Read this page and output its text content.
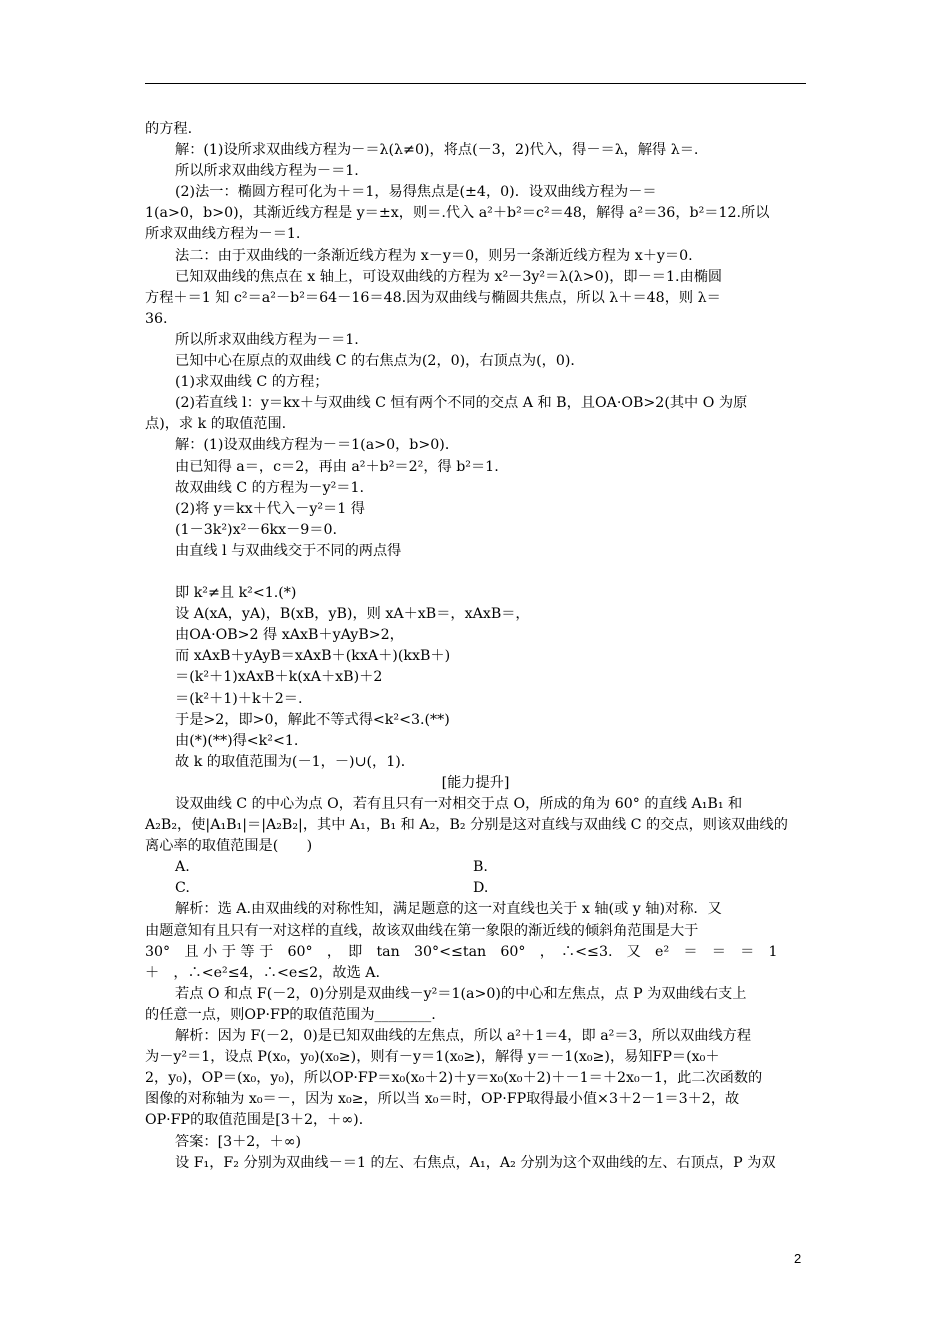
的方程.
解：(1)设所求双曲线方程为－＝λ(λ≠0)，将点(－3，2)代入，得－＝λ，解得 λ＝.
所以所求双曲线方程为－＝1.
(2)法一：椭圆方程可化为＋＝1，易得焦点是(±4，0)．设双曲线方程为－＝
1(a>0，b>0)，其渐近线方程是 y＝±x，则＝.代入 a²＋b²＝c²＝48，解得 a²＝36，b²＝12.所以
所求双曲线方程为－＝1.
法二：由于双曲线的一条渐近线方程为 x－y＝0，则另一条渐近线方程为 x＋y＝0.
已知双曲线的焦点在 x 轴上，可设双曲线的方程为 x²－3y²＝λ(λ>0)，即－＝1.由椭圆
方程＋＝1 知 c²＝a²－b²＝64－16＝48.因为双曲线与椭圆共焦点，所以 λ＋＝48，则 λ＝
36.
所以所求双曲线方程为－＝1.
已知中心在原点的双曲线 C 的右焦点为(2，0)，右顶点为(，0)．
(1)求双曲线 C 的方程；
(2)若直线 l：y＝kx＋与双曲线 C 恒有两个不同的交点 A 和 B，且OA·OB>2(其中 O 为原
点)，求 k 的取值范围.
解：(1)设双曲线方程为－＝1(a>0，b>0)．
由已知得 a＝，c＝2，再由 a²＋b²＝2²，得 b²＝1.
故双曲线 C 的方程为－y²＝1.
(2)将 y＝kx＋代入－y²＝1 得
(1－3k²)x²－6kx－9＝0.
由直线 l 与双曲线交于不同的两点得
即 k²≠且 k²<1.(*)
设 A(xA，yA)，B(xB，yB)，则 xA＋xB＝，xAxB＝，
由OA·OB>2 得 xAxB＋yAyB>2，
而 xAxB＋yAyB＝xAxB＋(kxA＋)(kxB＋)
＝(k²＋1)xAxB＋k(xA＋xB)＋2
＝(k²＋1)＋k＋2＝.
于是>2，即>0，解此不等式得<k²<3.(**)
由(*)(**)得<k²<1.
故 k 的取值范围为(－1，－)∪(，1)．
[能力提升]
设双曲线 C 的中心为点 O，若有且只有一对相交于点 O，所成的角为 60° 的直线 A₁B₁ 和
A₂B₂，使|A₁B₁|＝|A₂B₂|，其中 A₁，B₁ 和 A₂，B₂ 分别是这对直线与双曲线 C 的交点，则该双曲线的
离心率的取值范围是(　　)
A.	B.
C.	D.
解析：选 A.由双曲线的对称性知，满足题意的这一对直线也关于 x 轴(或 y 轴)对称．又
由题意知有且只有一对这样的直线，故该双曲线在第一象限的渐近线的倾斜角范围是大于
30°　且 小 于 等 于　60°　，　即　tan　30°<≤tan　60°　，　∴<≤3.　又　e²　＝　＝　＝　1
＋　，∴<e²≤4，∴<e≤2，故选 A.
若点 O 和点 F(－2，0)分别是双曲线－y²＝1(a>0)的中心和左焦点，点 P 为双曲线右支上
的任意一点，则OP·FP的取值范围为________.
解析：因为 F(－2，0)是已知双曲线的左焦点，所以 a²＋1＝4，即 a²＝3，所以双曲线方程
为－y²＝1，设点 P(x₀，y₀)(x₀≥)，则有－y＝1(x₀≥)，解得 y＝－1(x₀≥)，易知FP＝(x₀＋
2，y₀)，OP＝(x₀，y₀)，所以OP·FP＝x₀(x₀＋2)＋y＝x₀(x₀＋2)＋－1＝＋2x₀－1，此二次函数的
图像的对称轴为 x₀＝－，因为 x₀≥，所以当 x₀＝时，OP·FP取得最小值×3＋2－1＝3＋2，故
OP·FP的取值范围是[3＋2，＋∞)．
答案：[3＋2，＋∞)
设 F₁，F₂ 分别为双曲线－＝1 的左、右焦点，A₁，A₂ 分别为这个双曲线的左、右顶点，P 为双
2
